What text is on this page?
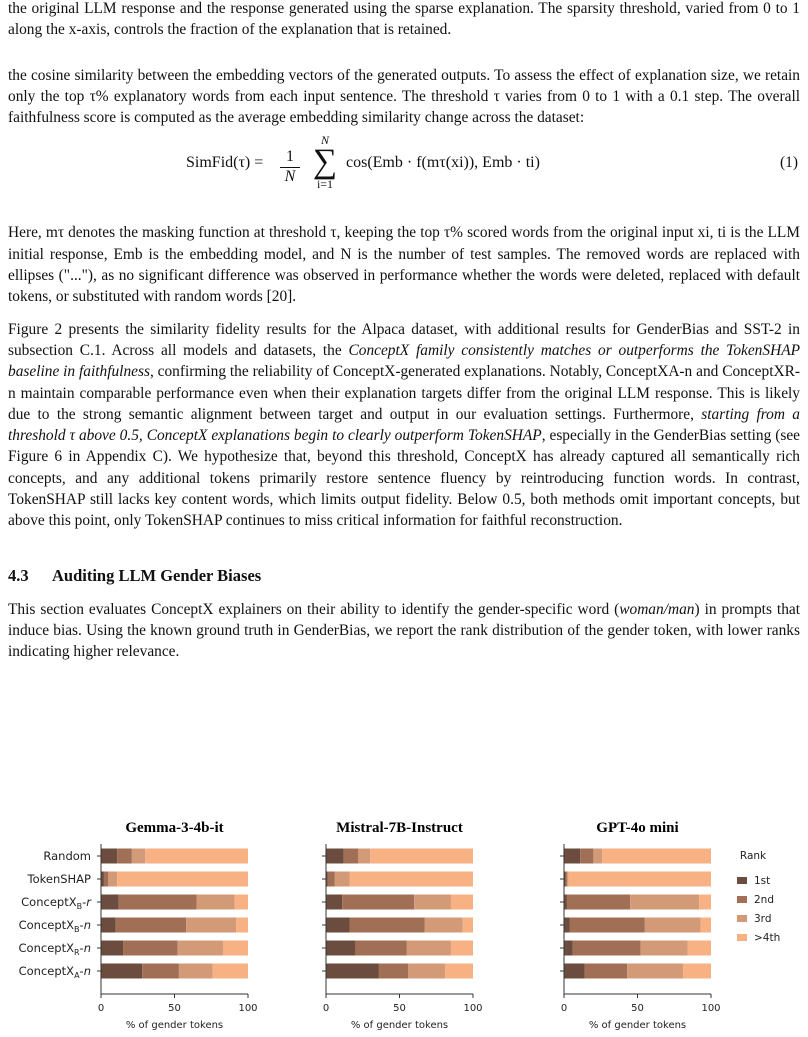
the original LLM response and the response generated using the sparse explanation. The sparsity threshold, varied from 0 to 1 along the x-axis, controls the fraction of the explanation that is retained.

the cosine similarity between the embedding vectors of the generated outputs. To assess the effect of explanation size, we retain only the top τ% explanatory words from each input sentence. The threshold τ varies from 0 to 1 with a 0.1 step. The overall faithfulness score is computed as the average embedding similarity change across the dataset:

SimFid(τ) = $\frac{1}{N}$
N
∑
i=1
cos(Emb · f(mτ(xi)), Emb · ti)	(1)

Here, mτ denotes the masking function at threshold τ, keeping the top τ% scored words from the original input xi, ti is the LLM initial response, Emb is the embedding model, and N is the number of test samples. The removed words are replaced with ellipses ("..."), as no significant difference was observed in performance whether the words were deleted, replaced with default tokens, or substituted with random words [20].

Figure 2 presents the similarity fidelity results for the Alpaca dataset, with additional results for GenderBias and SST-2 in subsection C.1. Across all models and datasets, the ConceptX family consistently matches or outperforms the TokenSHAP baseline in faithfulness, confirming the reliability of ConceptX-generated explanations. Notably, ConceptXA-n and ConceptXR-n maintain comparable performance even when their explanation targets differ from the original LLM response. This is likely due to the strong semantic alignment between target and output in our evaluation settings. Furthermore, starting from a threshold τ above 0.5, ConceptX explanations begin to clearly outperform TokenSHAP, especially in the GenderBias setting (see Figure 6 in Appendix C). We hypothesize that, beyond this threshold, ConceptX has already captured all semantically rich concepts, and any additional tokens primarily restore sentence fluency by reintroducing function words. In contrast, TokenSHAP still lacks key content words, which limits output fidelity. Below 0.5, both methods omit important concepts, but above this point, only TokenSHAP continues to miss critical information for faithful reconstruction.

4.3 Auditing LLM Gender Biases

This section evaluates ConceptX explainers on their ability to identify the gender-specific word (woman/man) in prompts that induce bias. Using the known ground truth in GenderBias, we report the rank distribution of the gender token, with lower ranks indicating higher relevance.

Gemma-3-4b-it
Random
TokenSHAP
ConceptX$_B$-r
ConceptX$_B$-n
ConceptX$_R$-n
ConceptX$_A$-n
0	50	100
% of gender tokens
Mistral-7B-Instruct
0	50	100
% of gender tokens
GPT-4o mini
0	50	100
% of gender tokens
Rank
1st
2nd
3rd
>4th
